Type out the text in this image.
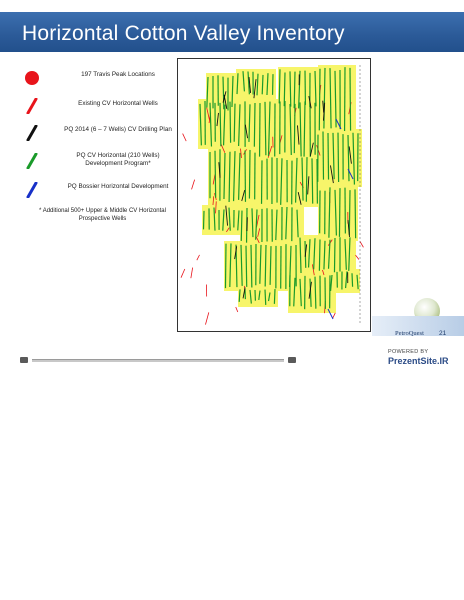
Horizontal Cotton Valley Inventory
197 Travis Peak Locations
Existing CV Horizontal Wells
PQ 2014 (6 – 7 Wells) CV Drilling Plan
PQ CV Horizontal (210 Wells) Development Program*
PQ Bossier Horizontal Development
* Additional 500+ Upper & Middle CV Horizontal Prospective Wells
PetroQuest 21
POWERED BY
PrezentSite.IR
